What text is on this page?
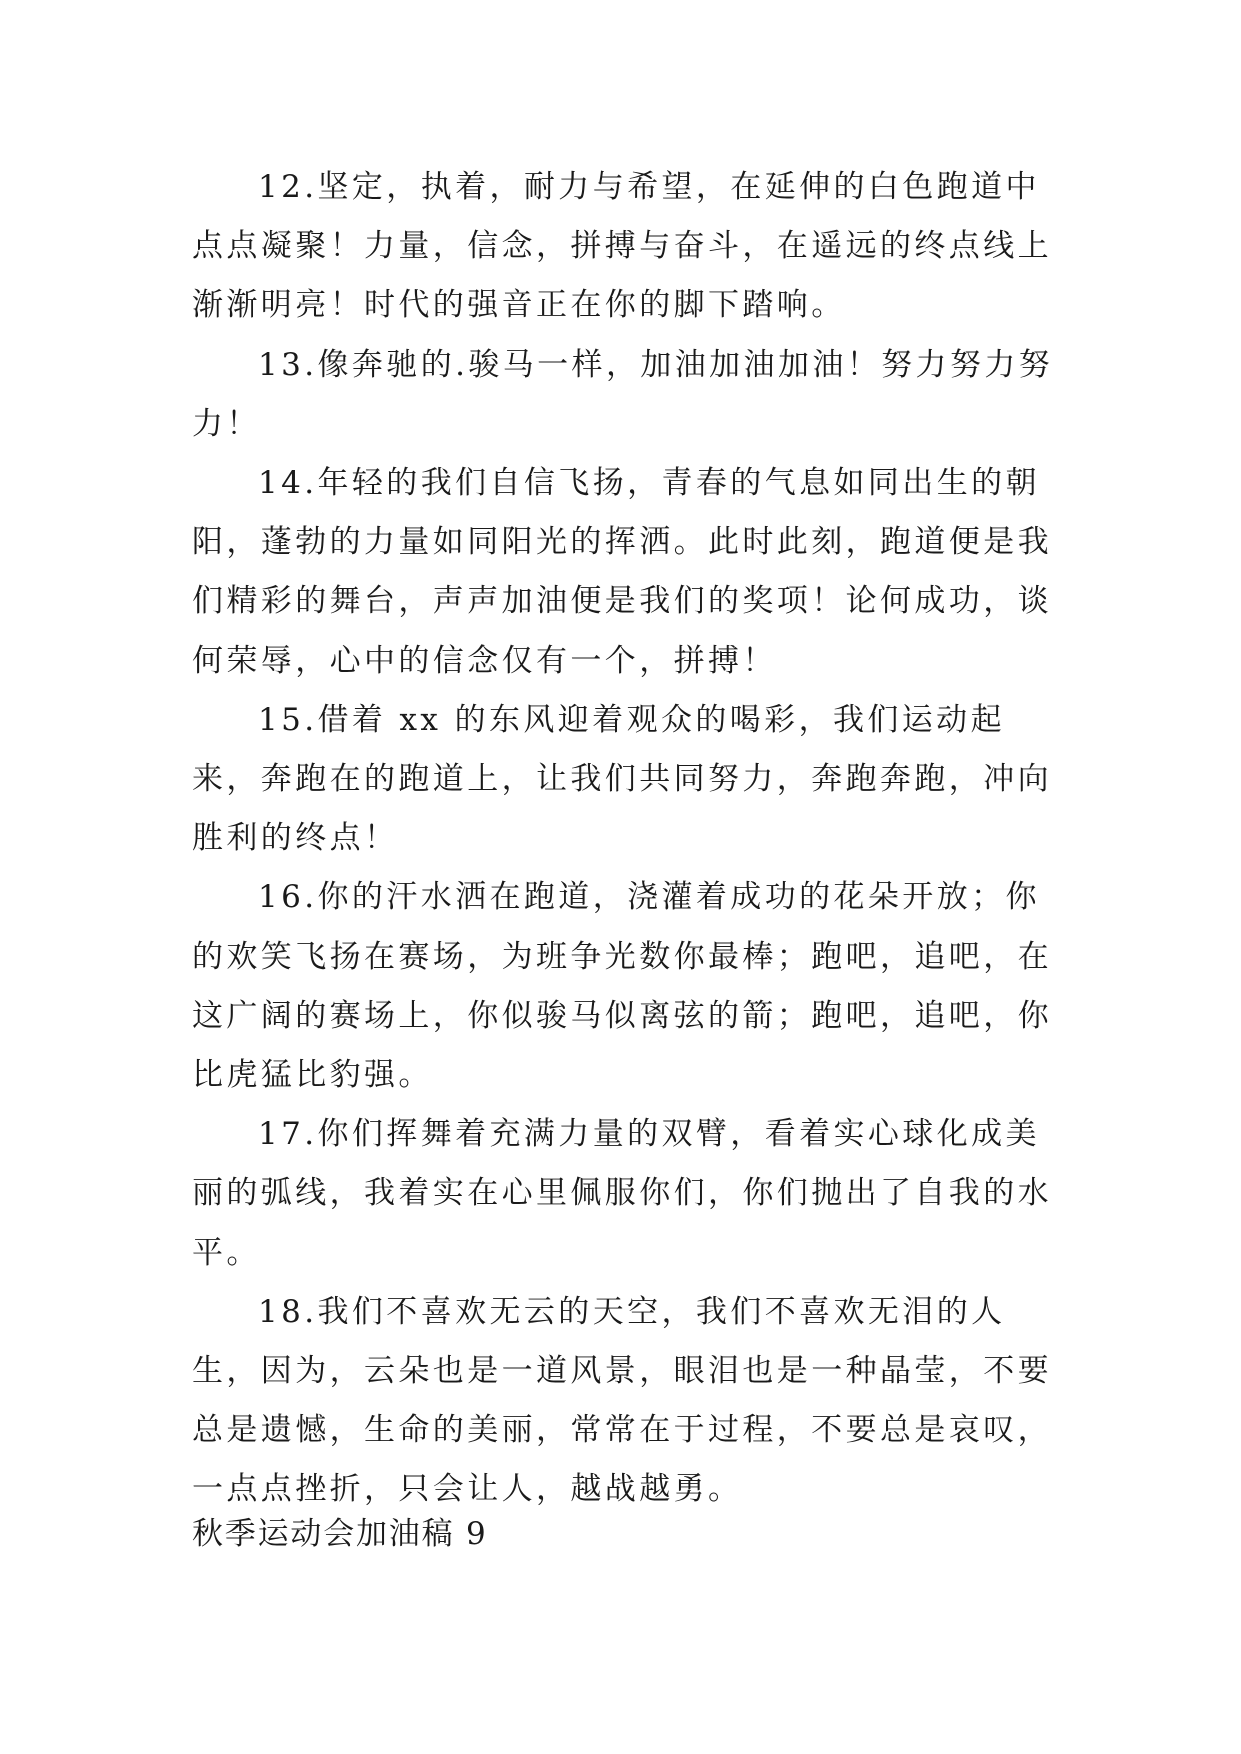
12.坚定，执着，耐力与希望，在延伸的白色跑道中点点凝聚！力量，信念，拼搏与奋斗，在遥远的终点线上渐渐明亮！时代的强音正在你的脚下踏响。

13.像奔驰的.骏马一样，加油加油加油！努力努力努力！

14.年轻的我们自信飞扬，青春的气息如同出生的朝阳，蓬勃的力量如同阳光的挥洒。此时此刻，跑道便是我们精彩的舞台，声声加油便是我们的奖项！论何成功，谈何荣辱，心中的信念仅有一个，拼搏！

15.借着 xx 的东风迎着观众的喝彩，我们运动起来，奔跑在的跑道上，让我们共同努力，奔跑奔跑，冲向胜利的终点！

16.你的汗水洒在跑道，浇灌着成功的花朵开放；你的欢笑飞扬在赛场，为班争光数你最棒；跑吧，追吧，在这广阔的赛场上，你似骏马似离弦的箭；跑吧，追吧，你比虎猛比豹强。

17.你们挥舞着充满力量的双臂，看着实心球化成美丽的弧线，我着实在心里佩服你们，你们抛出了自我的水平。

18.我们不喜欢无云的天空，我们不喜欢无泪的人生，因为，云朵也是一道风景，眼泪也是一种晶莹，不要总是遗憾，生命的美丽，常常在于过程，不要总是哀叹，一点点挫折，只会让人，越战越勇。

秋季运动会加油稿 9
